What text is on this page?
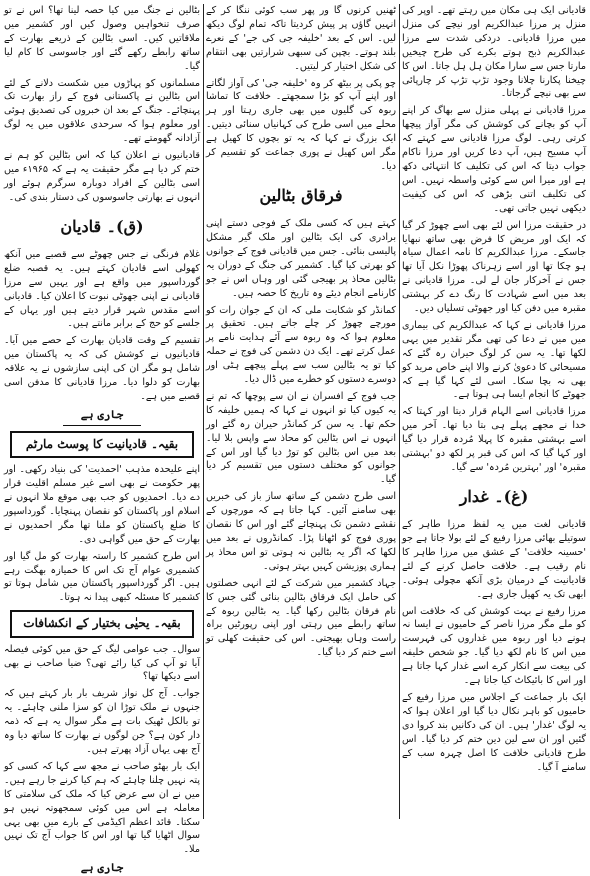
قادیانی ایک ہی مکان میں رہتے تھے۔ اوپر کی منزل پر مرزا عبدالکریم اور نیچے کی منزل میں مرزا قادیانی۔ دردکی شدت سے مرزا عبدالکریم ذبح ہوتے بکرے کی طرح چیخیں مارتا جس سے سارا مکان ہل ہل جاتا۔ اس کا چیخنا پکارنا چلانا وجود تڑپ تڑپ کر چارپائی سے بھی نیچے گرجاتا۔

مرزا قادیانی نے پہلی منزل سے بھاگ کر اپنے آپ کو بچانے کی کوشش کی مگر آواز پیچھا کرتی رہی۔ لوگ مرزا قادیانی سے کہتے کہ آپ مسیح ہیں، آپ دعا کریں اور مرزا ناکام جواب دیتا کہ اس کی تکلیف کا انتہائی دکھ ہے اور میرا اس سے کوئی واسطہ نہیں۔ اس کی تکلیف اتنی بڑھی کہ اس کی کیفیت دیکھی نہیں جاتی تھی۔

در حقیقت مرزا اس لئے بھی اسے چھوڑ کر گیا کہ ایک اور مریض کا فرض بھی ساتھ نبھایا جاسکے۔ مرزا عبدالکریم کا نامہ اعمال سیاہ ہو چکا تھا اور اسے زہرناک پھوڑا نکل آیا تھا جس نے آخرکار جان لے لی۔ مرزا قادیانی نے بعد میں اسے شہادت کا رنگ دے کر بہشتی مقبرہ میں دفن کیا اور جھوٹی تسلیاں دیں۔

مرزا قادیانی نے کہا کہ عبدالکریم کی بیماری میں میں نے دعا کی تھی مگر تقدیر میں یہی لکھا تھا۔ یہ سن کر لوگ حیران رہ گئے کہ مسیحائی کا دعویٰ کرنے والا اپنے خاص مرید کو بھی نہ بچا سکا۔ اسی لئے کہا گیا ہے کہ جھوٹے کا انجام ایسا ہی ہوتا ہے۔

مرزا قادیانی اسے الہام قرار دیتا اور کہتا کہ خدا نے مجھے پہلے ہی بتا دیا تھا۔ آخر میں اسے بہشتی مقبرہ کا پہلا مُردہ قرار دیا گیا اور کہا گیا کہ اس کی قبر پر لکھ دو 'بہشتی مقبرہ' اور 'بہترین مُردہ' سے گیا۔

(غ)۔ غدار

قادیانی لغت میں یہ لفظ مرزا طاہر کے سوتیلے بھائی مرزا رفیع کے لئے بولا جاتا ہے جو 'حسینہ خلافت' کے عشق میں مرزا طاہر کا نام رقیب ہے۔ خلافت حاصل کرنے کے لئے قادیانیت کے درمیان بڑی آنکھ مچولی ہوئی۔ ابھی تک یہ کھیل جاری ہے۔

مرزا رفیع نے بہت کوشش کی کہ خلافت اس کو ملے مگر مرزا ناصر کے حامیوں نے ایسا نہ ہونے دیا اور ربوہ میں غداروں کی فہرست میں اس کا نام لکھ دیا گیا۔ جو شخص خلیفہ کی بیعت سے انکار کرے اسے غدار کہا جاتا ہے اور اس کا بائیکاٹ کیا جاتا ہے۔

ایک بار جماعت کے اجلاس میں مرزا رفیع کے حامیوں کو باہر نکال دیا گیا اور اعلان ہوا کہ یہ لوگ 'غدار' ہیں۔ ان کی دکانیں بند کروا دی گئیں اور ان سے لین دین ختم کر دیا گیا۔ اس طرح قادیانی خلافت کا اصل چہرہ سب کے سامنے آ گیا۔

ٹھنیں کرنوں گا ور پھر سب کوئی ننگا کر کے انہیں گاؤں پر پیش کردیتا تاکہ تمام لوگ دیکھ لیں۔ اس کے بعد 'خلیفہ جی کی جے' کے نعرے بلند ہوتے۔ بچپن کی سبھی شرارتیں بھی انتقام کی شکل اختیار کر لیتیں۔

چو پکی پر بیٹھ کر وہ 'خلیفہ جی' کی آواز لگاتے اور اپنے آپ کو بڑا سمجھتے۔ خلافت کا تماشا ربوہ کی گلیوں میں بھی جاری رہتا اور ہر محلے میں اسی طرح کی کہانیاں سنائی دیتیں۔ ایک بزرگ نے کہا کہ یہ تو بچوں کا کھیل ہے مگر اس کھیل نے پوری جماعت کو تقسیم کر دیا۔

فرقاق بٹالین

کہتے ہیں کہ کسی ملک کے فوجی دستے اپنی برادری کی ایک بٹالین اور ملک گیر مشکل پالیسی بنائی۔ جس میں قادیانی فوج کے جوانوں کو بھرتی کیا گیا۔ کشمیر کی جنگ کے دوران یہ بٹالین محاذ پر بھیجی گئی اور وہاں اس نے جو کارنامے انجام دیئے وہ تاریخ کا حصہ ہیں۔

کمانڈر کو شکایت ملی کہ ان کے جوان رات کو مورچے چھوڑ کر چلے جاتے ہیں۔ تحقیق پر معلوم ہوا کہ وہ ربوہ سے آئے ہدایت نامے پر عمل کرتے تھے۔ ایک دن دشمن کی فوج نے حملہ کیا تو یہ بٹالین سب سے پہلے پیچھے ہٹی اور دوسرے دستوں کو خطرے میں ڈال دیا۔

جب فوج کے افسران نے ان سے پوچھا کہ تم نے یہ کیوں کیا تو انہوں نے کہا کہ ہمیں خلیفہ کا حکم تھا۔ یہ سن کر کمانڈر حیران رہ گئے اور انہوں نے اس بٹالین کو محاذ سے واپس بلا لیا۔ بعد میں اس بٹالین کو توڑ دیا گیا اور اس کے جوانوں کو مختلف دستوں میں تقسیم کر دیا گیا۔

اسی طرح دشمن کے ساتھ ساز باز کی خبریں بھی سامنے آئیں۔ کہا جاتا ہے کہ مورچوں کے نقشے دشمن تک پہنچائے گئے اور اس کا نقصان پوری فوج کو اٹھانا پڑا۔ کمانڈروں نے بعد میں لکھا کہ اگر یہ بٹالین نہ ہوتی تو اس محاذ پر ہماری پوزیشن کہیں بہتر ہوتی۔

جہاد کشمیر میں شرکت کے لئے انہی خصلتوں کی حامل ایک فرقاق بٹالین بنائی گئی جس کا نام فرقان بٹالین رکھا گیا۔ یہ بٹالین ربوہ کے ساتھ رابطے میں رہتی اور اپنی رپورٹیں براہ راست وہاں بھیجتی۔ اس کی حقیقت کھلی تو اسے ختم کر دیا گیا۔

بٹالین نے جنگ میں کیا حصہ لینا تھا؟ اس نے تو صرف تنخواہیں وصول کیں اور کشمیر میں ملاقاتیں کیں۔ اسی بٹالین کے ذریعے بھارت کے ساتھ رابطے رکھے گئے اور جاسوسی کا کام لیا گیا۔

مسلمانوں کو پہاڑوں میں شکست دلانے کے لئے اس بٹالین نے پاکستانی فوج کے راز بھارت تک پہنچائے۔ جنگ کے بعد ان خبروں کی تصدیق ہوئی اور معلوم ہوا کہ سرحدی علاقوں میں یہ لوگ آزادانہ گھومتے تھے۔

قادیانیوں نے اعلان کیا کہ اس بٹالین کو ہم نے ختم کر دیا ہے مگر حقیقت یہ ہے کہ ۱۹۶۵ء میں اسی بٹالین کے افراد دوبارہ سرگرم ہوئے اور انہوں نے بھارتی جاسوسوں کی دستار بندی کی۔

(ق)۔ قادیان

غلام فرنگی نے جس چھوٹے سے قصبے میں آنکھ کھولی اسے قادیان کہتے ہیں۔ یہ قصبہ ضلع گورداسپور میں واقع ہے اور یہیں سے مرزا قادیانی نے اپنی جھوٹی نبوت کا اعلان کیا۔ قادیانی اسے مقدس شہر قرار دیتے ہیں اور یہاں کے جلسے کو حج کے برابر مانتے ہیں۔

تقسیم کے وقت قادیان بھارت کے حصے میں آیا۔ قادیانیوں نے کوشش کی کہ یہ پاکستان میں شامل ہو مگر ان کی اپنی سازشوں نے یہ علاقہ بھارت کو دلوا دیا۔ مرزا قادیانی کا مدفن اسی قصبے میں ہے۔

جاری ہے
بقیہ۔ قادیانیت کا پوسٹ مارٹم

اپنے علیحدہ مذہب 'احمدیت' کی بنیاد رکھی۔ اور پھر حکومت نے بھی اسے غیر مسلم اقلیت قرار دے دیا۔ احمدیوں کو جب بھی موقع ملا انہوں نے اسلام اور پاکستان کو نقصان پہنچایا۔ گورداسپور کا ضلع پاکستان کو ملنا تھا مگر احمدیوں نے بھارت کے حق میں گواہی دی۔

اس طرح کشمیر کا راستہ بھارت کو مل گیا اور کشمیری عوام آج تک اس کا خمیازہ بھگت رہے ہیں۔ اگر گورداسپور پاکستان میں شامل ہوتا تو کشمیر کا مسئلہ کبھی پیدا نہ ہوتا۔

بقیہ۔ یحیٰی بختیار کے انکشافات

سوال۔ جب عوامی لیگ کے حق میں کوئی فیصلہ آیا تو آپ کی کیا رائے تھی؟ ضیا صاحب نے بھی اسے دیکھا تھا؟

جواب۔ آج کل نواز شریف بار بار کہتے ہیں کہ جنہوں نے ملک توڑا ان کو سزا ملنی چاہئے۔ یہ تو بالکل ٹھیک بات ہے مگر سوال یہ ہے کہ ذمہ دار کون ہے؟ جن لوگوں نے بھارت کا ساتھ دیا وہ آج بھی یہاں آزاد پھرتے ہیں۔

ایک بار بھٹو صاحب نے مجھ سے کہا کہ کسی کو پتہ نہیں چلنا چاہئے کہ ہم کیا کرنے جا رہے ہیں۔ میں نے ان سے عرض کیا کہ ملک کی سلامتی کا معاملہ ہے اس میں کوئی سمجھوتہ نہیں ہو سکتا۔ قائد اعظم اکیڈمی کے بارے میں بھی یہی سوال اٹھایا گیا تھا اور اس کا جواب آج تک نہیں ملا۔

جاری ہے
